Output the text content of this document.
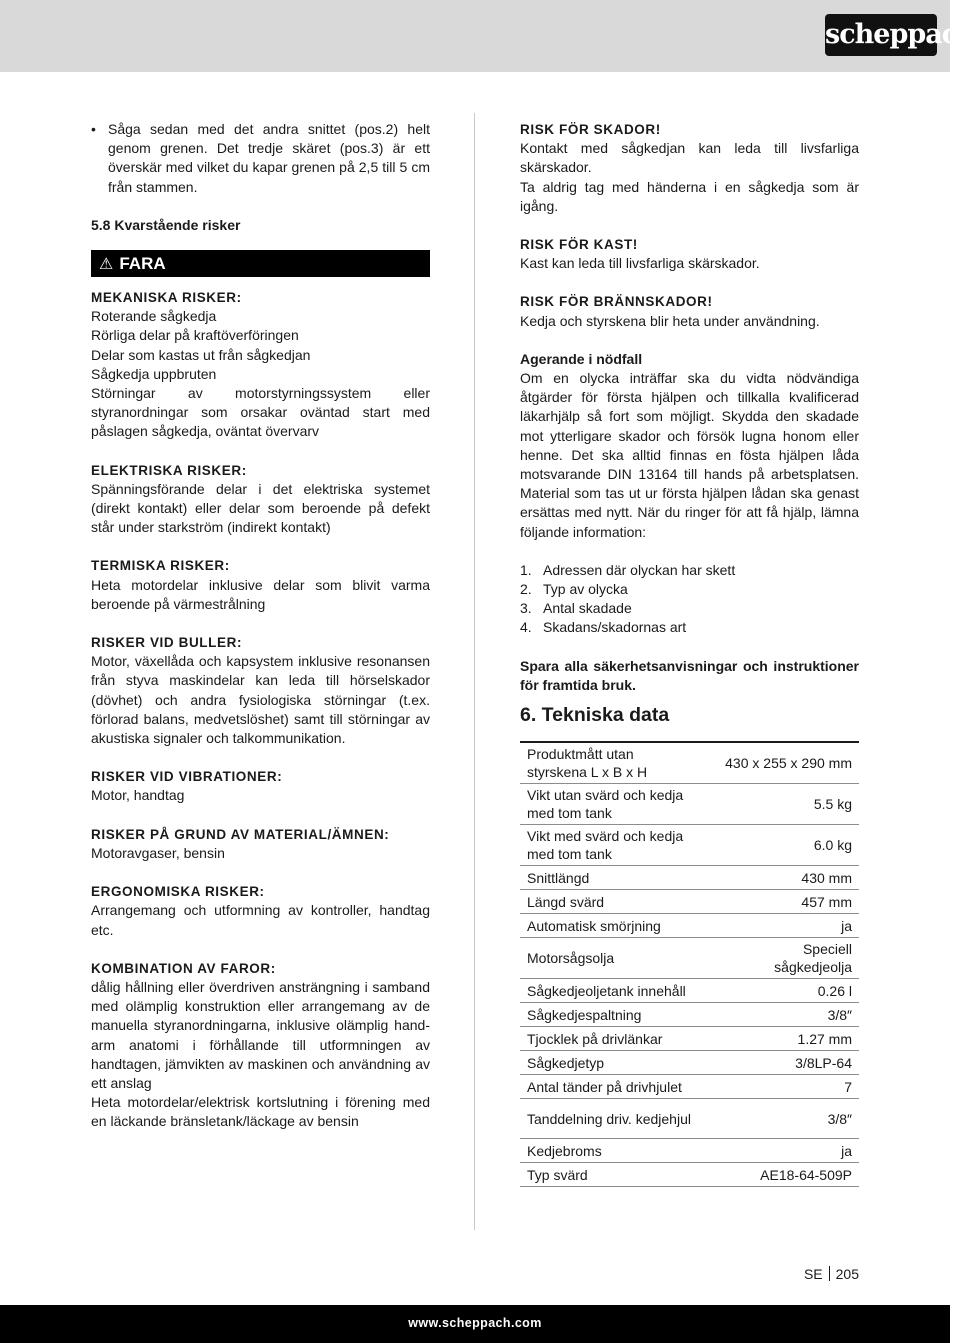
scheppach
• Såga sedan med det andra snittet (pos.2) helt genom grenen. Det tredje skäret (pos.3) är ett överskär med vilket du kapar grenen på 2,5 till 5 cm från stammen.

5.8 Kvarstående risker

⚠ FARA

MEKANISKA RISKER:

Roterande sågkedja

Rörliga delar på kraftöverföringen

Delar som kastas ut från sågkedjan

Sågkedja uppbruten

Störningar av motorstyrningssystem eller styranordningar som orsakar oväntad start med påslagen sågkedja, oväntat övervarv

ELEKTRISKA RISKER:

Spänningsförande delar i det elektriska systemet (direkt kontakt) eller delar som beroende på defekt står under starkström (indirekt kontakt)

TERMISKA RISKER:

Heta motordelar inklusive delar som blivit varma beroende på värmestrålning

RISKER VID BULLER:

Motor, växellåda och kapsystem inklusive resonansen från styva maskindelar kan leda till hörselskador (dövhet) och andra fysiologiska störningar (t.ex. förlorad balans, medvetslöshet) samt till störningar av akustiska signaler och talkommunikation.

RISKER VID VIBRATIONER:

Motor, handtag

RISKER PÅ GRUND AV MATERIAL/ÄMNEN:

Motoravgaser, bensin

ERGONOMISKA RISKER:

Arrangemang och utformning av kontroller, handtag etc.

KOMBINATION AV FAROR:

dålig hållning eller överdriven ansträngning i samband med olämplig konstruktion eller arrangemang av de manuella styranordningarna, inklusive olämplig hand-arm anatomi i förhållande till utformningen av handtagen, jämvikten av maskinen och användning av ett anslag

Heta motordelar/elektrisk kortslutning i förening med en läckande bränsletank/läckage av bensin

RISK FÖR SKADOR!

Kontakt med sågkedjan kan leda till livsfarliga skärskador.

Ta aldrig tag med händerna i en sågkedja som är igång.

RISK FÖR KAST!

Kast kan leda till livsfarliga skärskador.

RISK FÖR BRÄNNSKADOR!

Kedja och styrskena blir heta under användning.

Agerande i nödfall

Om en olycka inträffar ska du vidta nödvändiga åtgärder för första hjälpen och tillkalla kvalificerad läkarhjälp så fort som möjligt. Skydda den skadade mot ytterligare skador och försök lugna honom eller henne. Det ska alltid finnas en fösta hjälpen låda motsvarande DIN 13164 till hands på arbetsplatsen. Material som tas ut ur första hjälpen lådan ska genast ersättas med nytt. När du ringer för att få hjälp, lämna följande information:

1. Adressen där olyckan har skett
2. Typ av olycka
3. Antal skadade
4. Skadans/skadornas art

Spara alla säkerhetsanvisningar och instruktioner för framtida bruk.

6. Tekniska data
Produktmått utan styrskena L x B x H	430 x 255 x 290 mm
Vikt utan svärd och kedja med tom tank	5.5 kg
Vikt med svärd och kedja med tom tank	6.0 kg
Snittlängd	430 mm
Längd svärd	457 mm
Automatisk smörjning	ja
Motorsågsolja	Speciell sågkedjeolja
Sågkedjeoljetank innehåll	0.26 l
Sågkedjespaltning	3/8″
Tjocklek på drivlänkar	1.27 mm
Sågkedjetyp	3/8LP-64
Antal tänder på drivhjulet	7
Tanddelning driv. kedjehjul	3/8″
Kedjebroms	ja
Typ svärd	AE18-64-509P
SE 205
www.scheppach.com
